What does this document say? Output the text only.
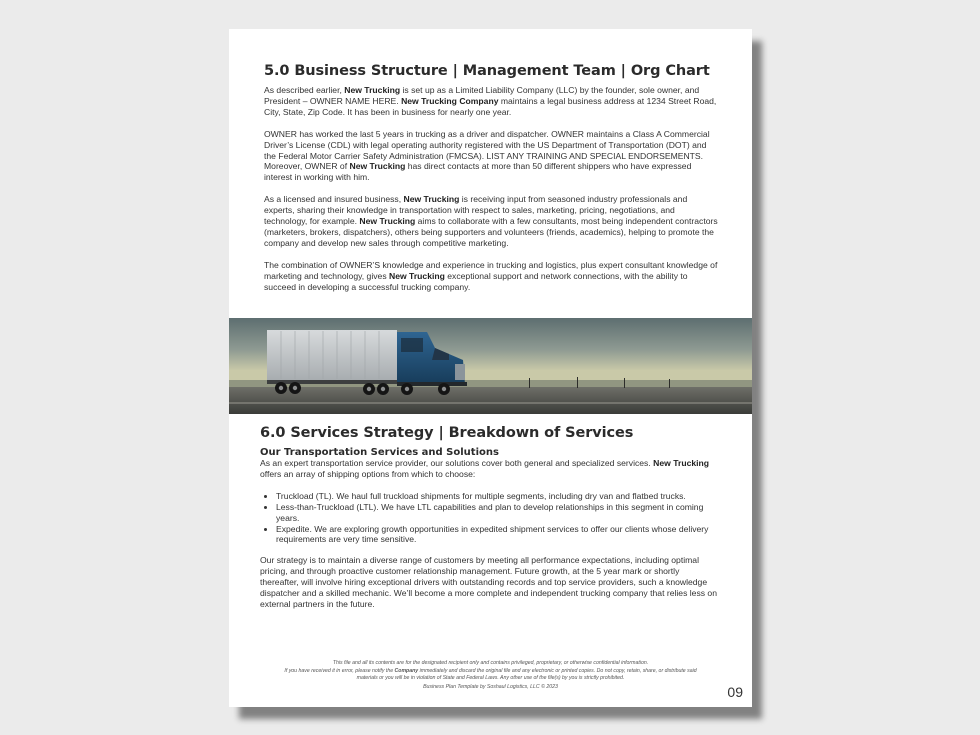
5.0 Business Structure | Management Team | Org Chart

As described earlier, New Trucking is set up as a Limited Liability Company (LLC) by the founder, sole owner, and President – OWNER NAME HERE. New Trucking Company maintains a legal business address at 1234 Street Road, City, State, Zip Code. It has been in business for nearly one year.

OWNER has worked the last 5 years in trucking as a driver and dispatcher. OWNER maintains a Class A Commercial Driver’s License (CDL) with legal operating authority registered with the US Department of Transportation (DOT) and the Federal Motor Carrier Safety Administration (FMCSA). LIST ANY TRAINING AND SPECIAL ENDORSEMENTS. Moreover, OWNER of New Trucking has direct contacts at more than 50 different shippers who have expressed interest in working with him.

As a licensed and insured business, New Trucking is receiving input from seasoned industry professionals and experts, sharing their knowledge in transportation with respect to sales, marketing, pricing, negotiations, and technology, for example. New Trucking aims to collaborate with a few consultants, most being independent contractors (marketers, brokers, dispatchers), others being supporters and volunteers (friends, academics), helping to promote the company and develop new sales through competitive marketing.

The combination of OWNER’S knowledge and experience in trucking and logistics, plus expert consultant knowledge of marketing and technology, gives New Trucking exceptional support and network connections, with the ability to succeed in developing a successful trucking company.

6.0 Services Strategy | Breakdown of Services
Our Transportation Services and Solutions

As an expert transportation service provider, our solutions cover both general and specialized services. New Trucking offers an array of shipping options from which to choose:

• Truckload (TL). We haul full truckload shipments for multiple segments, including dry van and flatbed trucks.
• Less-than-Truckload (LTL). We have LTL capabilities and plan to develop relationships in this segment in coming years.
• Expedite. We are exploring growth opportunities in expedited shipment services to offer our clients whose delivery requirements are very time sensitive.

Our strategy is to maintain a diverse range of customers by meeting all performance expectations, including optimal pricing, and through proactive customer relationship management. Future growth, at the 5 year mark or shortly thereafter, will involve hiring exceptional drivers with outstanding records and top service providers, such a knowledge dispatcher and a skilled mechanic. We’ll become a more complete and independent trucking company that relies less on external partners in the future.

This file and all its contents are for the designated recipient only and contains privileged, proprietary, or otherwise confidential information.
If you have received it in error, please notify the Company immediately and discard the original file and any electronic or printed copies. Do not copy, retain, share, or distribute said
materials or you will be in violation of State and Federal Laws. Any other use of the file(s) by you is strictly prohibited.
Business Plan Template by Soshaul Logistics, LLC © 2023	09
